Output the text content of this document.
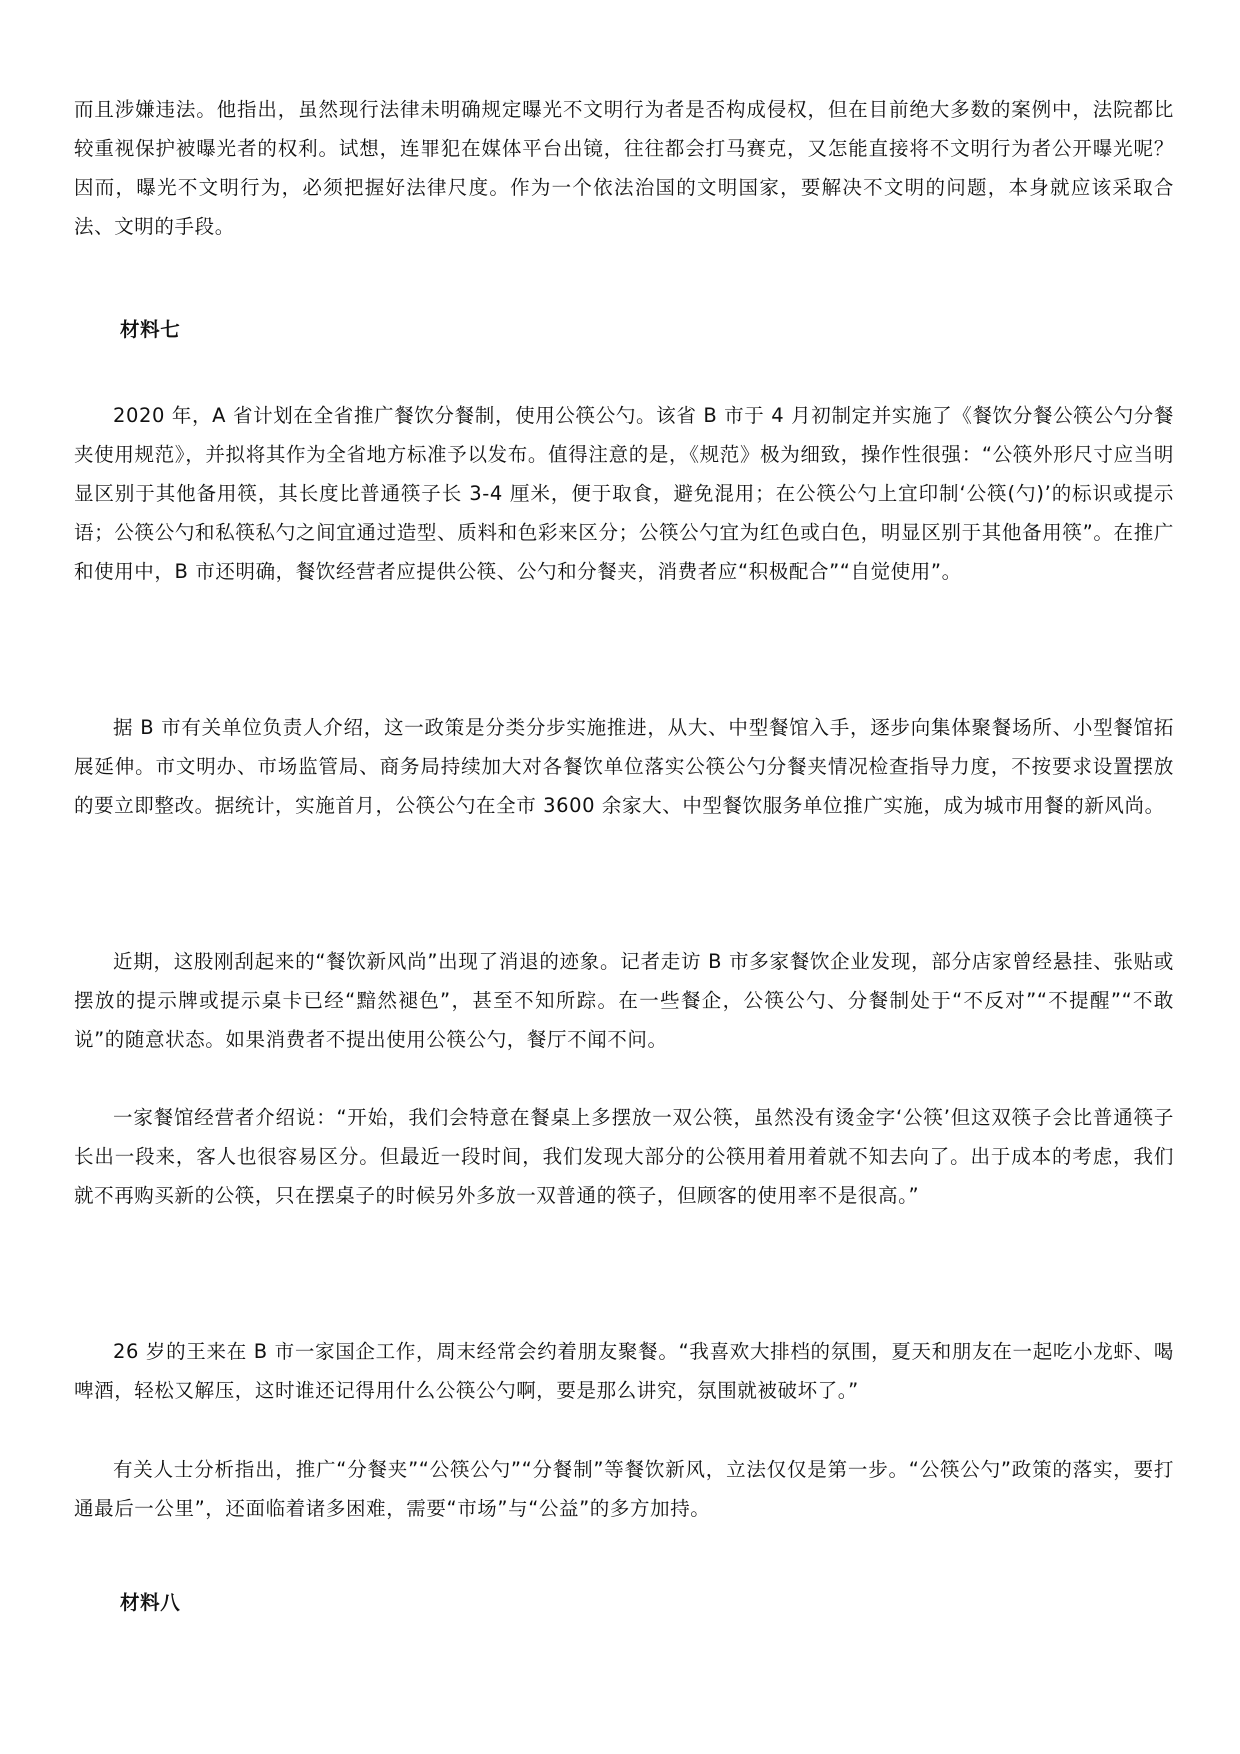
而且涉嫌违法。他指出，虽然现行法律未明确规定曝光不文明行为者是否构成侵权，但在目前绝大多数的案例中，法院都比较重视保护被曝光者的权利。试想，连罪犯在媒体平台出镜，往往都会打马赛克，又怎能直接将不文明行为者公开曝光呢？因而，曝光不文明行为，必须把握好法律尺度。作为一个依法治国的文明国家，要解决不文明的问题，本身就应该采取合法、文明的手段。

材料七

2020 年，A 省计划在全省推广餐饮分餐制，使用公筷公勺。该省 B 市于 4 月初制定并实施了《餐饮分餐公筷公勺分餐夹使用规范》，并拟将其作为全省地方标准予以发布。值得注意的是，《规范》极为细致，操作性很强：“公筷外形尺寸应当明显区别于其他备用筷，其长度比普通筷子长 3-4 厘米，便于取食，避免混用；在公筷公勺上宜印制‘公筷(勺)’的标识或提示语；公筷公勺和私筷私勺之间宜通过造型、质料和色彩来区分；公筷公勺宜为红色或白色，明显区别于其他备用筷”。在推广和使用中，B 市还明确，餐饮经营者应提供公筷、公勺和分餐夹，消费者应“积极配合”“自觉使用”。

据 B 市有关单位负责人介绍，这一政策是分类分步实施推进，从大、中型餐馆入手，逐步向集体聚餐场所、小型餐馆拓展延伸。市文明办、市场监管局、商务局持续加大对各餐饮单位落实公筷公勺分餐夹情况检查指导力度，不按要求设置摆放的要立即整改。据统计，实施首月，公筷公勺在全市 3600 余家大、中型餐饮服务单位推广实施，成为城市用餐的新风尚。

近期，这股刚刮起来的“餐饮新风尚”出现了消退的迹象。记者走访 B 市多家餐饮企业发现，部分店家曾经悬挂、张贴或摆放的提示牌或提示桌卡已经“黯然褪色”，甚至不知所踪。在一些餐企，公筷公勺、分餐制处于“不反对”“不提醒”“不敢说”的随意状态。如果消费者不提出使用公筷公勺，餐厅不闻不问。

一家餐馆经营者介绍说：“开始，我们会特意在餐桌上多摆放一双公筷，虽然没有烫金字‘公筷’但这双筷子会比普通筷子长出一段来，客人也很容易区分。但最近一段时间，我们发现大部分的公筷用着用着就不知去向了。出于成本的考虑，我们就不再购买新的公筷，只在摆桌子的时候另外多放一双普通的筷子，但顾客的使用率不是很高。”

26 岁的王来在 B 市一家国企工作，周末经常会约着朋友聚餐。“我喜欢大排档的氛围，夏天和朋友在一起吃小龙虾、喝啤酒，轻松又解压，这时谁还记得用什么公筷公勺啊，要是那么讲究，氛围就被破坏了。”

有关人士分析指出，推广“分餐夹”“公筷公勺”“分餐制”等餐饮新风，立法仅仅是第一步。“公筷公勺”政策的落实，要打通最后一公里”，还面临着诸多困难，需要“市场”与“公益”的多方加持。

材料八
